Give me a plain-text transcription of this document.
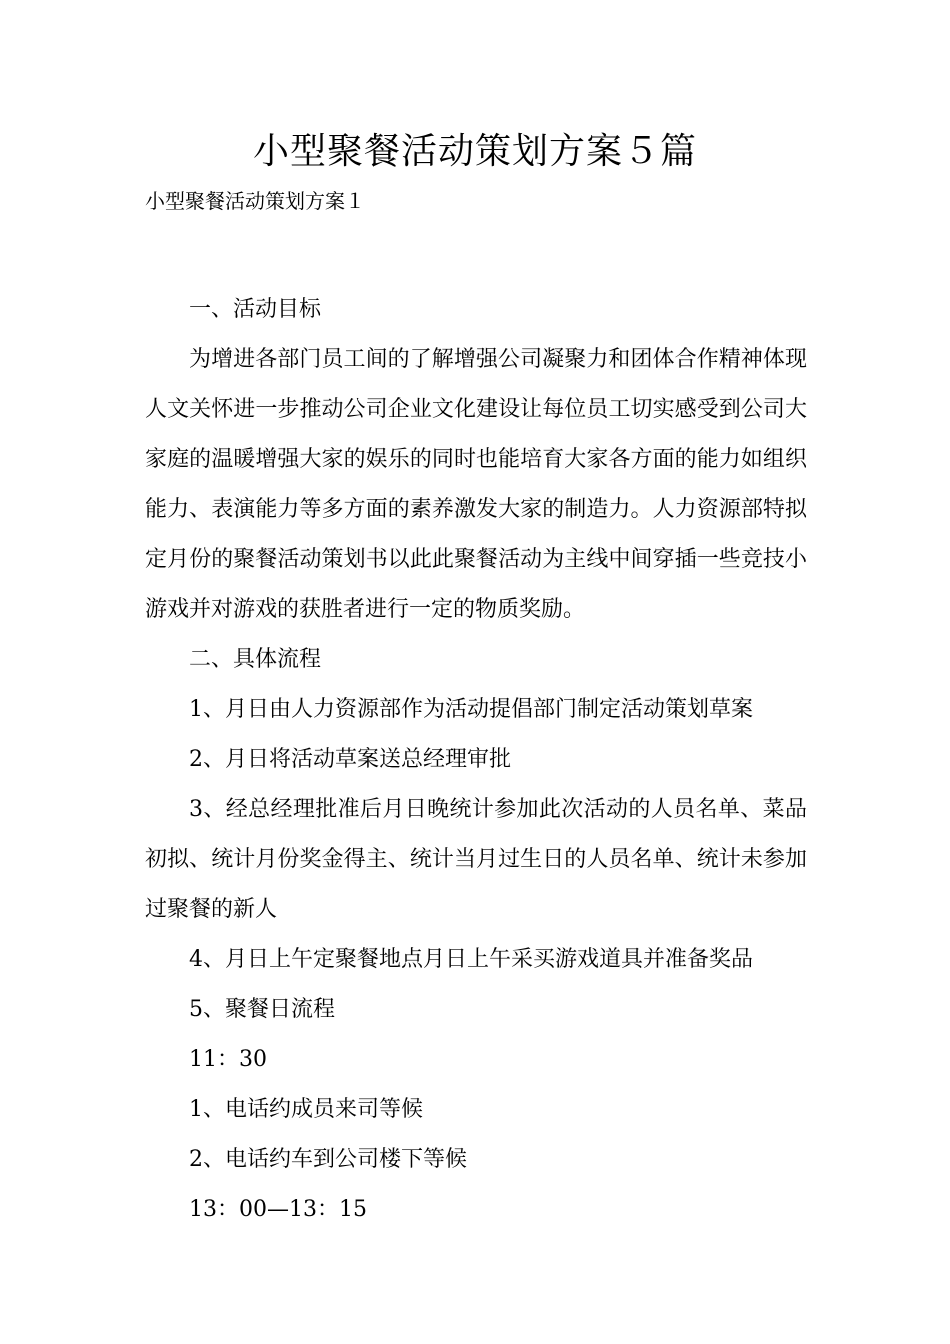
小型聚餐活动策划方案５篇
小型聚餐活动策划方案１

一、活动目标

为增进各部门员工间的了解增强公司凝聚力和团体合作精神体现人文关怀进一步推动公司企业文化建设让每位员工切实感受到公司大家庭的温暖增强大家的娱乐的同时也能培育大家各方面的能力如组织能力、表演能力等多方面的素养激发大家的制造力。人力资源部特拟定月份的聚餐活动策划书以此此聚餐活动为主线中间穿插一些竞技小游戏并对游戏的获胜者进行一定的物质奖励。

二、具体流程

1、月日由人力资源部作为活动提倡部门制定活动策划草案

2、月日将活动草案送总经理审批

3、经总经理批准后月日晚统计参加此次活动的人员名单、菜品初拟、统计月份奖金得主、统计当月过生日的人员名单、统计未参加过聚餐的新人

4、月日上午定聚餐地点月日上午采买游戏道具并准备奖品

5、聚餐日流程

11：30

1、电话约成员来司等候

2、电话约车到公司楼下等候

13：00—13：15
